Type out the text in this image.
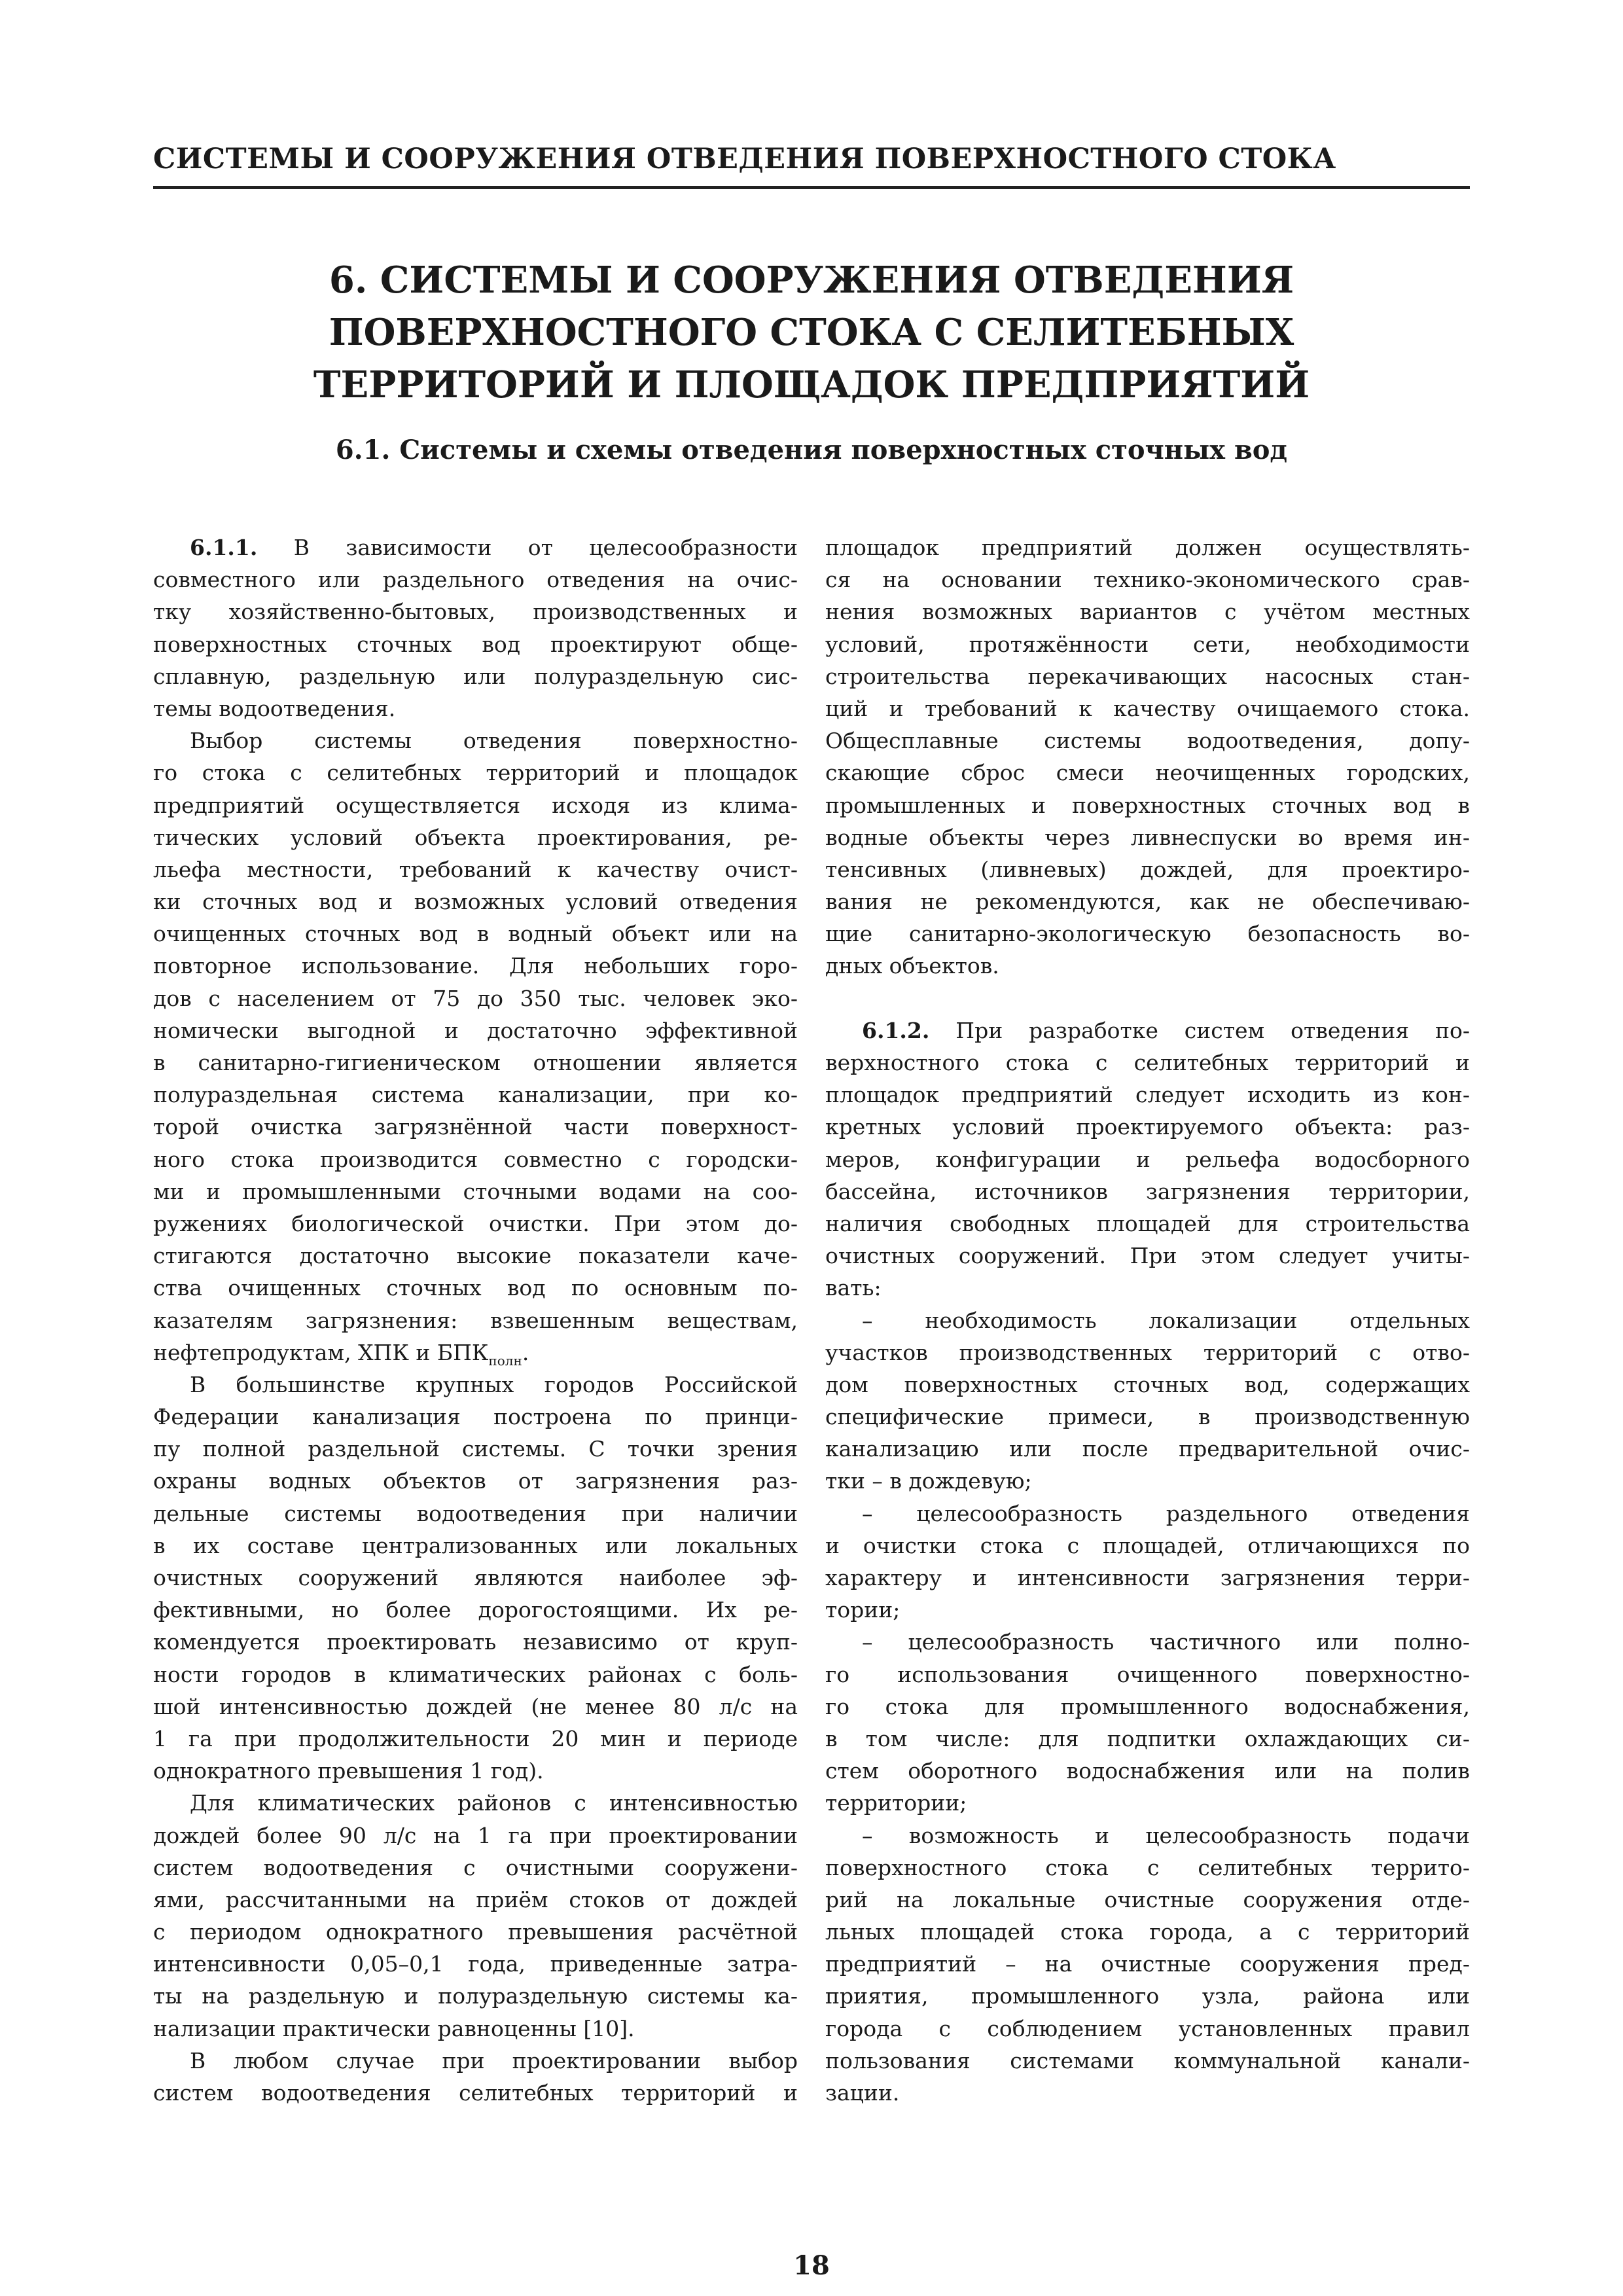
СИСТЕМЫ И СООРУЖЕНИЯ ОТВЕДЕНИЯ ПОВЕРХНОСТНОГО СТОКА
6. СИСТЕМЫ И СООРУЖЕНИЯ ОТВЕДЕНИЯ
ПОВЕРХНОСТНОГО СТОКА С СЕЛИТЕБНЫХ
ТЕРРИТОРИЙ И ПЛОЩАДОК ПРЕДПРИЯТИЙ
6.1. Системы и схемы отведения поверхностных сточных вод
6.1.1. В зависимости от целесообразности
совместного или раздельного отведения на очис-
тку хозяйственно-бытовых, производственных и
поверхностных сточных вод проектируют обще-
сплавную, раздельную или полураздельную сис-
темы водоотведения.
Выбор системы отведения поверхностно-
го стока с селитебных территорий и площадок
предприятий осуществляется исходя из клима-
тических условий объекта проектирования, ре-
льефа местности, требований к качеству очист-
ки сточных вод и возможных условий отведения
очищенных сточных вод в водный объект или на
повторное использование. Для небольших горо-
дов с населением от 75 до 350 тыс. человек эко-
номически выгодной и достаточно эффективной
в санитарно-гигиеническом отношении является
полураздельная система канализации, при ко-
торой очистка загрязнённой части поверхност-
ного стока производится совместно с городски-
ми и промышленными сточными водами на соо-
ружениях биологической очистки. При этом до-
стигаются достаточно высокие показатели каче-
ства очищенных сточных вод по основным по-
казателям загрязнения: взвешенным веществам,
нефтепродуктам, ХПК и $БПК_{полн}$.
В большинстве крупных городов Российской
Федерации канализация построена по принци-
пу полной раздельной системы. С точки зрения
охраны водных объектов от загрязнения раз-
дельные системы водоотведения при наличии
в их составе централизованных или локальных
очистных сооружений являются наиболее эф-
фективными, но более дорогостоящими. Их ре-
комендуется проектировать независимо от круп-
ности городов в климатических районах с боль-
шой интенсивностью дождей (не менее 80 л/с на
1 га при продолжительности 20 мин и периоде
однократного превышения 1 год).
Для климатических районов с интенсивностью
дождей более 90 л/с на 1 га при проектировании
систем водоотведения с очистными сооружени-
ями, рассчитанными на приём стоков от дождей
с периодом однократного превышения расчётной
интенсивности 0,05–0,1 года, приведенные затра-
ты на раздельную и полураздельную системы ка-
нализации практически равноценны [10].
В любом случае при проектировании выбор
систем водоотведения селитебных территорий и
площадок предприятий должен осуществлять-
ся на основании технико-экономического срав-
нения возможных вариантов с учётом местных
условий, протяжённости сети, необходимости
строительства перекачивающих насосных стан-
ций и требований к качеству очищаемого стока.
Общесплавные системы водоотведения, допу-
скающие сброс смеси неочищенных городских,
промышленных и поверхностных сточных вод в
водные объекты через ливнеспуски во время ин-
тенсивных (ливневых) дождей, для проектиро-
вания не рекомендуются, как не обеспечиваю-
щие санитарно-экологическую безопасность во-
дных объектов.
6.1.2. При разработке систем отведения по-
верхностного стока с селитебных территорий и
площадок предприятий следует исходить из кон-
кретных условий проектируемого объекта: раз-
меров, конфигурации и рельефа водосборного
бассейна, источников загрязнения территории,
наличия свободных площадей для строительства
очистных сооружений. При этом следует учиты-
вать:
– необходимость локализации отдельных
участков производственных территорий с отво-
дом поверхностных сточных вод, содержащих
специфические примеси, в производственную
канализацию или после предварительной очис-
тки – в дождевую;
– целесообразность раздельного отведения
и очистки стока с площадей, отличающихся по
характеру и интенсивности загрязнения терри-
тории;
– целесообразность частичного или полно-
го использования очищенного поверхностно-
го стока для промышленного водоснабжения,
в том числе: для подпитки охлаждающих си-
стем оборотного водоснабжения или на полив
территории;
– возможность и целесообразность подачи
поверхностного стока с селитебных террито-
рий на локальные очистные сооружения отде-
льных площадей стока города, а с территорий
предприятий – на очистные сооружения пред-
приятия, промышленного узла, района или
города с соблюдением установленных правил
пользования системами коммунальной канали-
зации.
18
